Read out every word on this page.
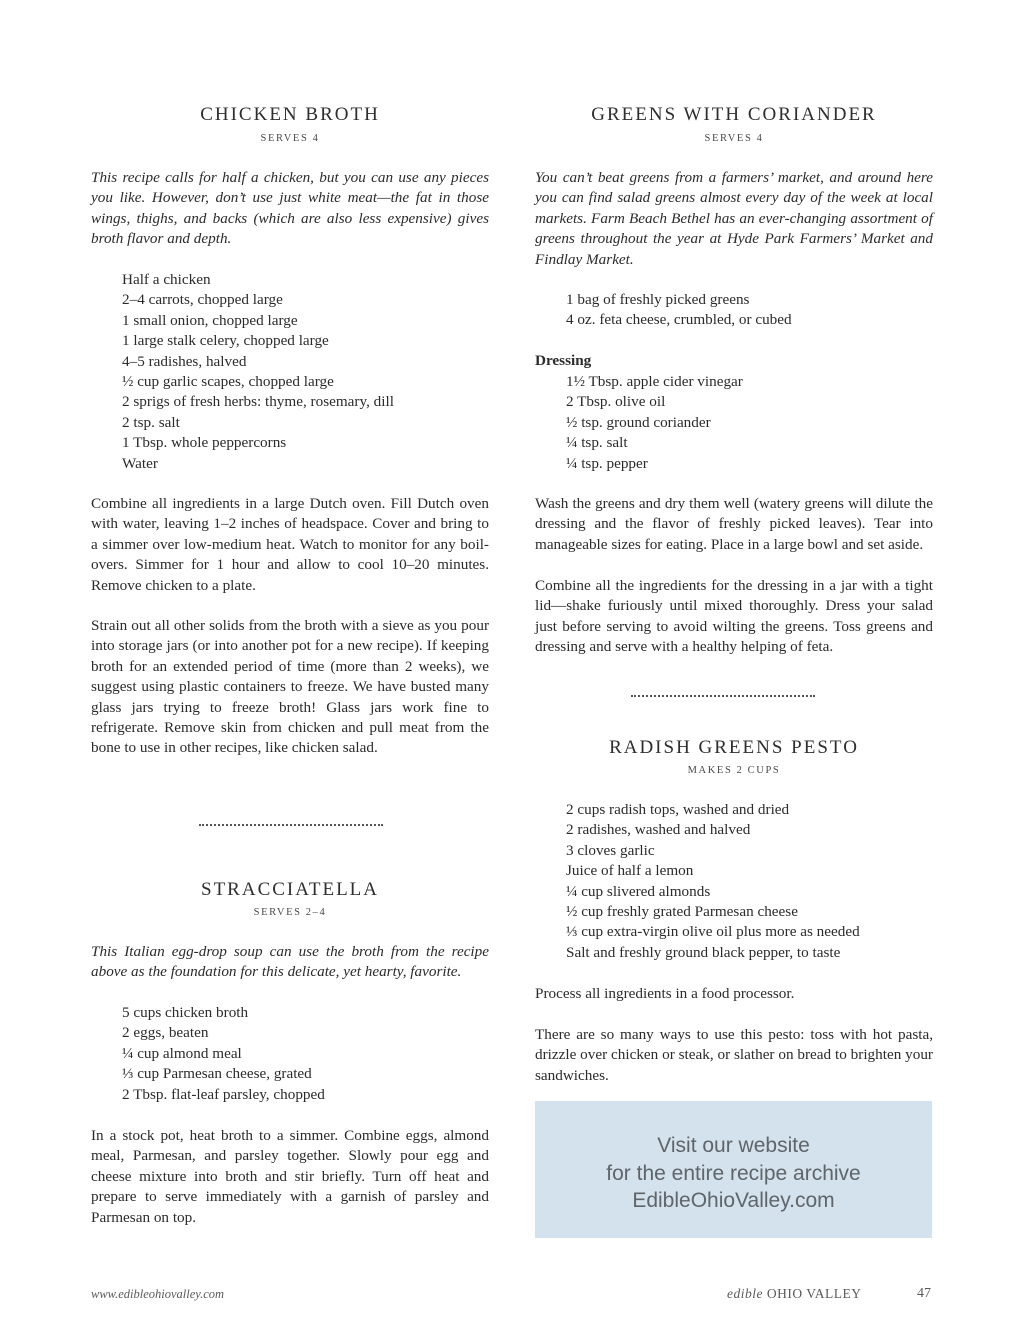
CHICKEN BROTH

SERVES 4

This recipe calls for half a chicken, but you can use any pieces you like. However, don’t use just white meat—the fat in those wings, thighs, and backs (which are also less expensive) gives broth flavor and depth.

Half a chicken
2–4 carrots, chopped large
1 small onion, chopped large
1 large stalk celery, chopped large
4–5 radishes, halved
½ cup garlic scapes, chopped large
2 sprigs of fresh herbs: thyme, rosemary, dill
2 tsp. salt
1 Tbsp. whole peppercorns
Water

Combine all ingredients in a large Dutch oven. Fill Dutch oven with water, leaving 1–2 inches of headspace. Cover and bring to a simmer over low-medium heat. Watch to monitor for any boil-overs. Simmer for 1 hour and allow to cool 10–20 minutes. Remove chicken to a plate.

Strain out all other solids from the broth with a sieve as you pour into storage jars (or into another pot for a new recipe). If keeping broth for an extended period of time (more than 2 weeks), we suggest using plastic containers to freeze. We have busted many glass jars trying to freeze broth! Glass jars work fine to refrigerate. Remove skin from chicken and pull meat from the bone to use in other recipes, like chicken salad.

STRACCIATELLA

SERVES 2–4

This Italian egg-drop soup can use the broth from the recipe above as the foundation for this delicate, yet hearty, favorite.

5 cups chicken broth
2 eggs, beaten
¼ cup almond meal
⅓ cup Parmesan cheese, grated
2 Tbsp. flat-leaf parsley, chopped

In a stock pot, heat broth to a simmer. Combine eggs, almond meal, Parmesan, and parsley together. Slowly pour egg and cheese mixture into broth and stir briefly. Turn off heat and prepare to serve immediately with a garnish of parsley and Parmesan on top.

GREENS WITH CORIANDER

SERVES 4

You can’t beat greens from a farmers’ market, and around here you can find salad greens almost every day of the week at local markets. Farm Beach Bethel has an ever-changing assortment of greens throughout the year at Hyde Park Farmers’ Market and Findlay Market.

1 bag of freshly picked greens
4 oz. feta cheese, crumbled, or cubed

Dressing

1½ Tbsp. apple cider vinegar
2 Tbsp. olive oil
½ tsp. ground coriander
¼ tsp. salt
¼ tsp. pepper

Wash the greens and dry them well (watery greens will dilute the dressing and the flavor of freshly picked leaves). Tear into manageable sizes for eating. Place in a large bowl and set aside.

Combine all the ingredients for the dressing in a jar with a tight lid—shake furiously until mixed thoroughly. Dress your salad just before serving to avoid wilting the greens. Toss greens and dressing and serve with a healthy helping of feta.

RADISH GREENS PESTO

MAKES 2 CUPS

2 cups radish tops, washed and dried
2 radishes, washed and halved
3 cloves garlic
Juice of half a lemon
¼ cup slivered almonds
½ cup freshly grated Parmesan cheese
⅓ cup extra-virgin olive oil plus more as needed
Salt and freshly ground black pepper, to taste

Process all ingredients in a food processor.

There are so many ways to use this pesto: toss with hot pasta, drizzle over chicken or steak, or slather on bread to brighten your sandwiches.

Visit our website

for the entire recipe archive

EdibleOhioValley.com

www.edibleohiovalley.com	edible OHIO VALLEY	47
